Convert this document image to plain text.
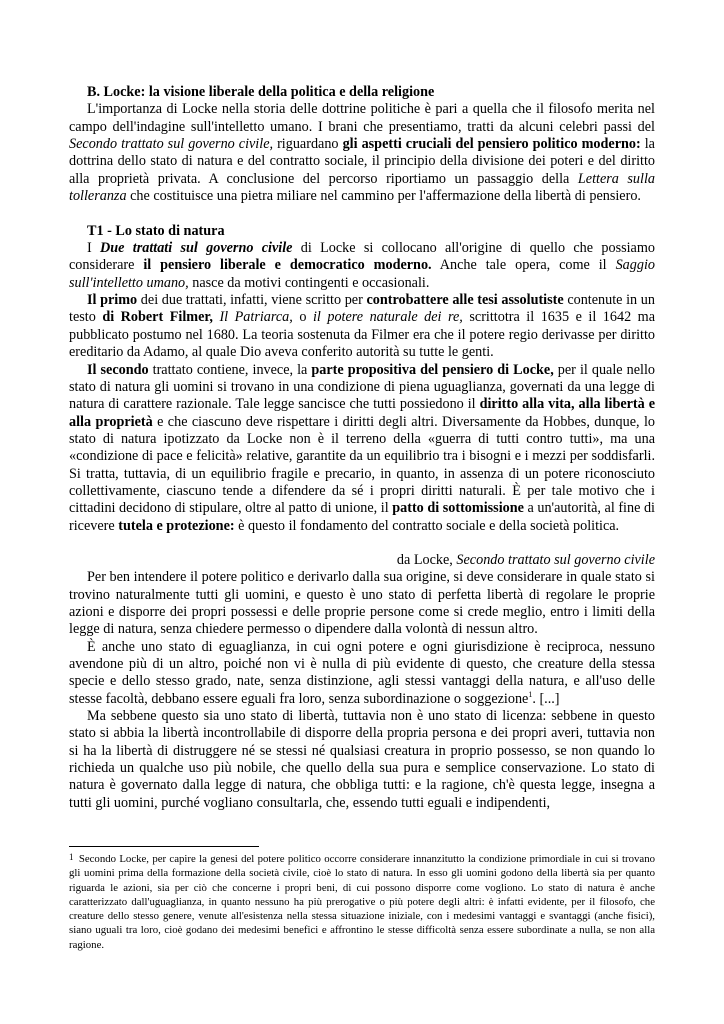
B. Locke: la visione liberale della politica e della religione

L'importanza di Locke nella storia delle dottrine politiche è pari a quella che il filosofo merita nel campo dell'indagine sull'intelletto umano. I brani che presentiamo, tratti da alcuni celebri passi del Secondo trattato sul governo civile, riguardano gli aspetti cruciali del pensiero politico moderno: la dottrina dello stato di natura e del contratto sociale, il principio della divisione dei poteri e del diritto alla proprietà privata. A conclusione del percorso riportiamo un passaggio della Lettera sulla tolleranza che costituisce una pietra miliare nel cammino per l'affermazione della libertà di pensiero.

T1 - Lo stato di natura

I Due trattati sul governo civile di Locke si collocano all'origine di quello che possiamo considerare il pensiero liberale e democratico moderno. Anche tale opera, come il Saggio sull'intelletto umano, nasce da motivi contingenti e occasionali.

Il primo dei due trattati, infatti, viene scritto per controbattere alle tesi assolutiste contenute in un testo di Robert Filmer, Il Patriarca, o il potere naturale dei re, scrittotra il 1635 e il 1642 ma pubblicato postumo nel 1680. La teoria sostenuta da Filmer era che il potere regio derivasse per diritto ereditario da Adamo, al quale Dio aveva conferito autorità su tutte le genti.

Il secondo trattato contiene, invece, la parte propositiva del pensiero di Locke, per il quale nello stato di natura gli uomini si trovano in una condizione di piena uguaglianza, governati da una legge di natura di carattere razionale. Tale legge sancisce che tutti possiedono il diritto alla vita, alla libertà e alla proprietà e che ciascuno deve rispettare i diritti degli altri. Diversamente da Hobbes, dunque, lo stato di natura ipotizzato da Locke non è il terreno della «guerra di tutti contro tutti», ma una «condizione di pace e felicità» relative, garantite da un equilibrio tra i bisogni e i mezzi per soddisfarli. Si tratta, tuttavia, di un equilibrio fragile e precario, in quanto, in assenza di un potere riconosciuto collettivamente, ciascuno tende a difendere da sé i propri diritti naturali. È per tale motivo che i cittadini decidono di stipulare, oltre al patto di unione, il patto di sottomissione a un'autorità, al fine di ricevere tutela e protezione: è questo il fondamento del contratto sociale e della società politica.

da Locke, Secondo trattato sul governo civile

Per ben intendere il potere politico e derivarlo dalla sua origine, si deve considerare in quale stato si trovino naturalmente tutti gli uomini, e questo è uno stato di perfetta libertà di regolare le proprie azioni e disporre dei propri possessi e delle proprie persone come si crede meglio, entro i limiti della legge di natura, senza chiedere permesso o dipendere dalla volontà di nessun altro.

È anche uno stato di eguaglianza, in cui ogni potere e ogni giurisdizione è reciproca, nessuno avendone più di un altro, poiché non vi è nulla di più evidente di questo, che creature della stessa specie e dello stesso grado, nate, senza distinzione, agli stessi vantaggi della natura, e all'uso delle stesse facoltà, debbano essere eguali fra loro, senza subordinazione o soggezione$^1$. [...]

Ma sebbene questo sia uno stato di libertà, tuttavia non è uno stato di licenza: sebbene in questo stato si abbia la libertà incontrollabile di disporre della propria persona e dei propri averi, tuttavia non si ha la libertà di distruggere né se stessi né qualsiasi creatura in proprio possesso, se non quando lo richieda un qualche uso più nobile, che quello della sua pura e semplice conservazione. Lo stato di natura è governato dalla legge di natura, che obbliga tutti: e la ragione, ch'è questa legge, insegna a tutti gli uomini, purché vogliano consultarla, che, essendo tutti eguali e indipendenti,

$^1$ Secondo Locke, per capire la genesi del potere politico occorre considerare innanzitutto la condizione primordiale in cui si trovano gli uomini prima della formazione della società civile, cioè lo stato di natura. In esso gli uomini godono della libertà sia per quanto riguarda le azioni, sia per ciò che concerne i propri beni, di cui possono disporre come vogliono. Lo stato di natura è anche caratterizzato dall'uguaglianza, in quanto nessuno ha più prerogative o più potere degli altri: è infatti evidente, per il filosofo, che creature dello stesso genere, venute all'esistenza nella stessa situazione iniziale, con i medesimi vantaggi e svantaggi (anche fisici), siano uguali tra loro, cioè godano dei medesimi benefici e affrontino le stesse difficoltà senza essere subordinate a nulla, se non alla ragione.
